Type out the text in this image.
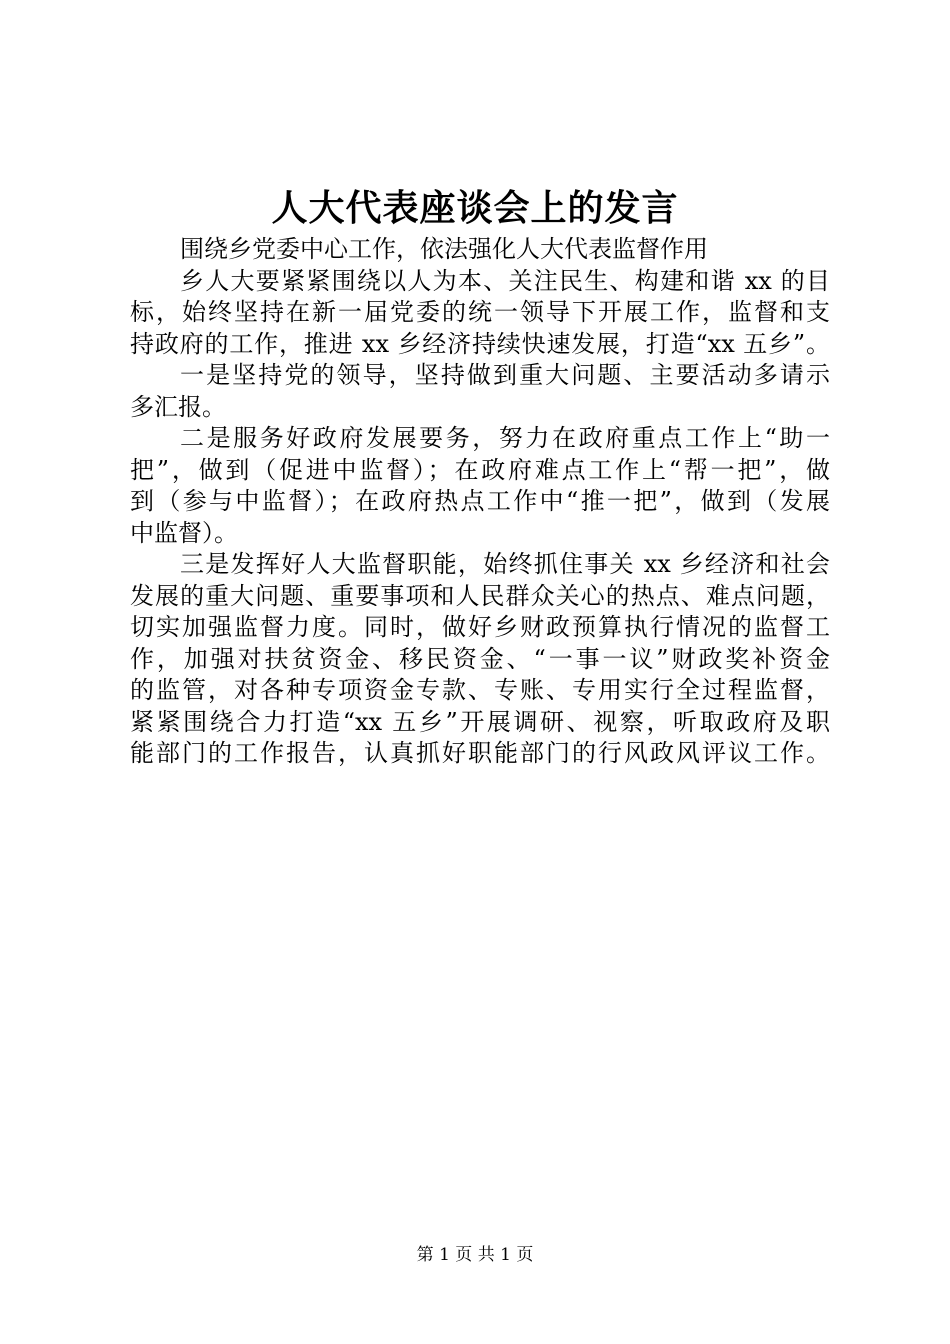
人大代表座谈会上的发言
围绕乡党委中心工作，依法强化人大代表监督作用
乡人大要紧紧围绕以人为本、关注民生、构建和谐 xx 的目
标，始终坚持在新一届党委的统一领导下开展工作，监督和支
持政府的工作，推进 xx 乡经济持续快速发展，打造“xx 五乡”。
一是坚持党的领导，坚持做到重大问题、主要活动多请示
多汇报。
二是服务好政府发展要务，努力在政府重点工作上“助一
把”，做到（促进中监督）；在政府难点工作上“帮一把”，做
到（参与中监督）；在政府热点工作中“推一把”，做到（发展
中监督）。
三是发挥好人大监督职能，始终抓住事关 xx 乡经济和社会
发展的重大问题、重要事项和人民群众关心的热点、难点问题，
切实加强监督力度。同时，做好乡财政预算执行情况的监督工
作，加强对扶贫资金、移民资金、“一事一议”财政奖补资金
的监管，对各种专项资金专款、专账、专用实行全过程监督，
紧紧围绕合力打造“xx 五乡”开展调研、视察，听取政府及职
能部门的工作报告，认真抓好职能部门的行风政风评议工作。
第 1 页 共 1 页
